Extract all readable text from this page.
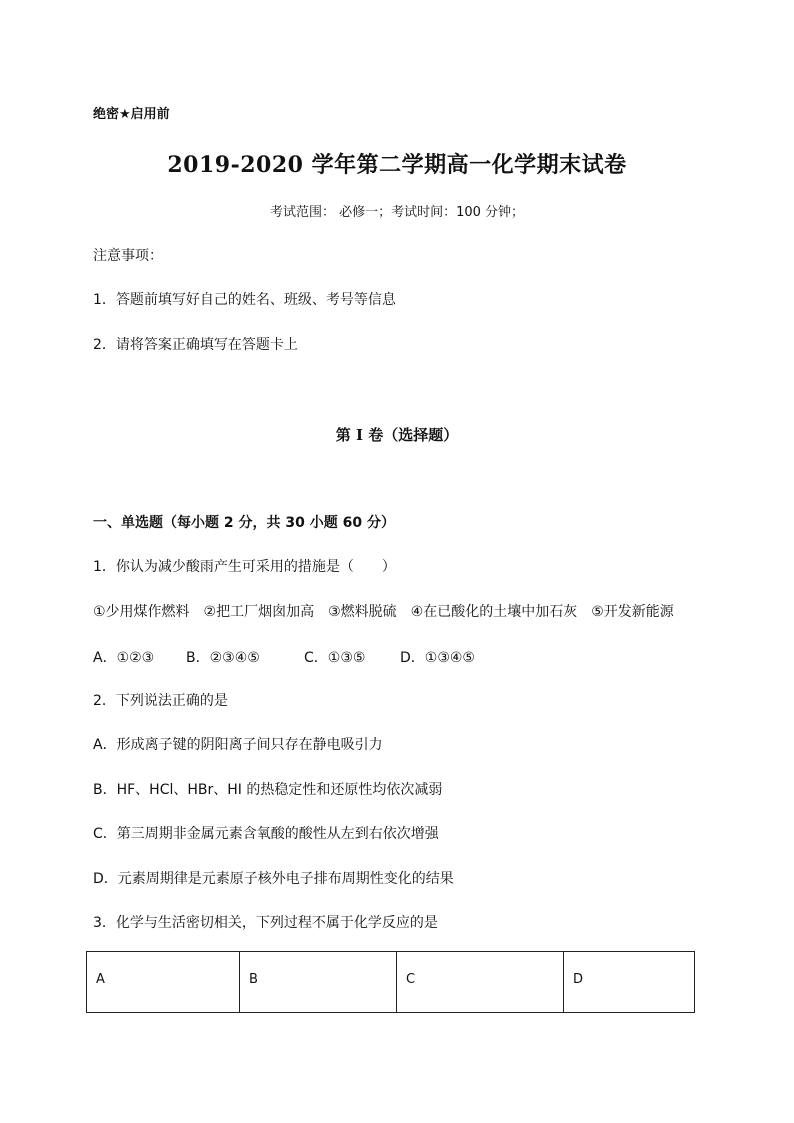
绝密★启用前
2019-2020 学年第二学期高一化学期末试卷
考试范围： 必修一；考试时间：100 分钟；
注意事项：
1．答题前填写好自己的姓名、班级、考号等信息
2．请将答案正确填写在答题卡上
第 I 卷（选择题）
一、单选题（每小题 2 分，共 30 小题 60 分）
1．你认为减少酸雨产生可采用的措施是（　　）
①少用煤作燃料　②把工厂烟囱加高　③燃料脱硫　④在已酸化的土壤中加石灰　⑤开发新能源
A．①②③ B．②③④⑤	C．①③⑤ D．①③④⑤
2．下列说法正确的是
A．形成离子键的阴阳离子间只存在静电吸引力
B．HF、HCl、HBr、HI 的热稳定性和还原性均依次减弱
C．第三周期非金属元素含氧酸的酸性从左到右依次增强
D．元素周期律是元素原子核外电子排布周期性变化的结果
3．化学与生活密切相关，下列过程不属于化学反应的是
A	B	C	D
